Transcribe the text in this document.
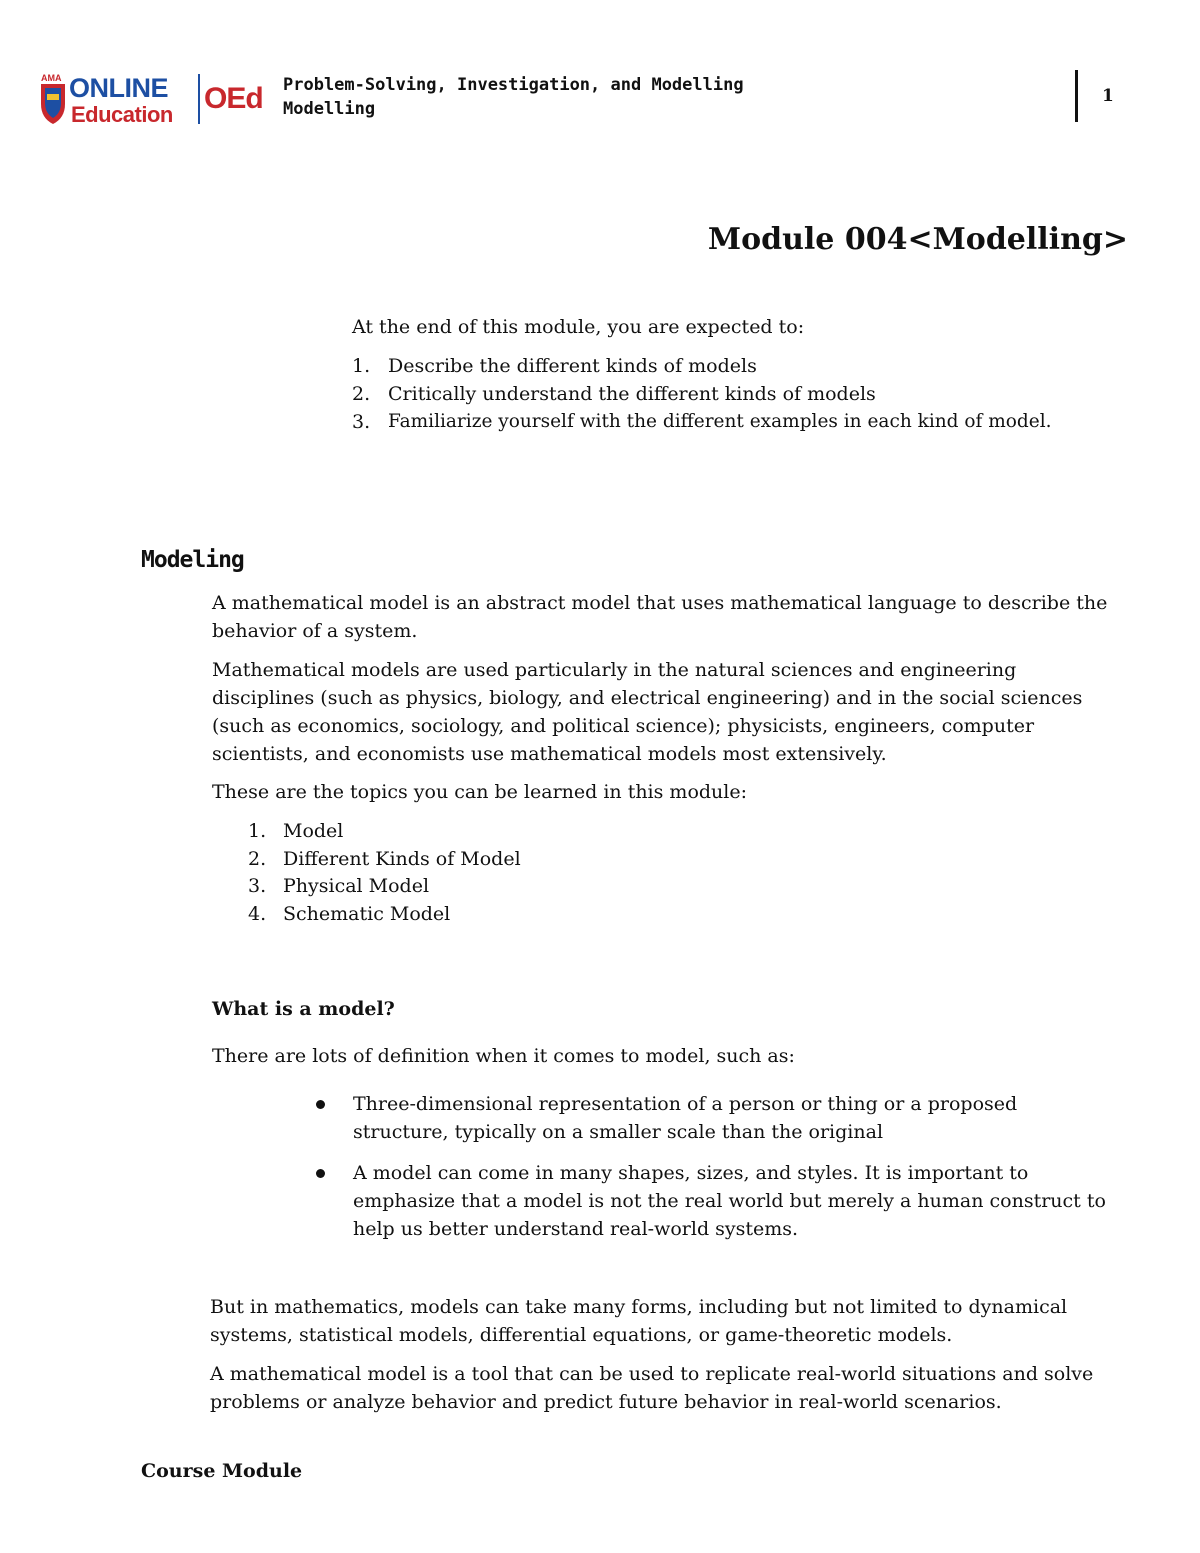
AMA ONLINE
Education OEd Problem-Solving, Investigation, and Modelling
Modelling
1
Module 004<Modelling>
At the end of this module, you are expected to:
1. Describe the different kinds of models
2. Critically understand the different kinds of models
3. Familiarize yourself with the different examples in each kind of model.
Modeling
A mathematical model is an abstract model that uses mathematical language to describe the behavior of a system.
Mathematical models are used particularly in the natural sciences and engineering disciplines (such as physics, biology, and electrical engineering) and in the social sciences (such as economics, sociology, and political science); physicists, engineers, computer scientists, and economists use mathematical models most extensively.
These are the topics you can be learned in this module:
1. Model
2. Different Kinds of Model
3. Physical Model
4. Schematic Model
What is a model?
There are lots of definition when it comes to model, such as:
Three-dimensional representation of a person or thing or a proposed structure, typically on a smaller scale than the original
A model can come in many shapes, sizes, and styles. It is important to emphasize that a model is not the real world but merely a human construct to help us better understand real-world systems.
But in mathematics, models can take many forms, including but not limited to dynamical systems, statistical models, differential equations, or game-theoretic models.
A mathematical model is a tool that can be used to replicate real-world situations and solve problems or analyze behavior and predict future behavior in real-world scenarios.
Course Module
